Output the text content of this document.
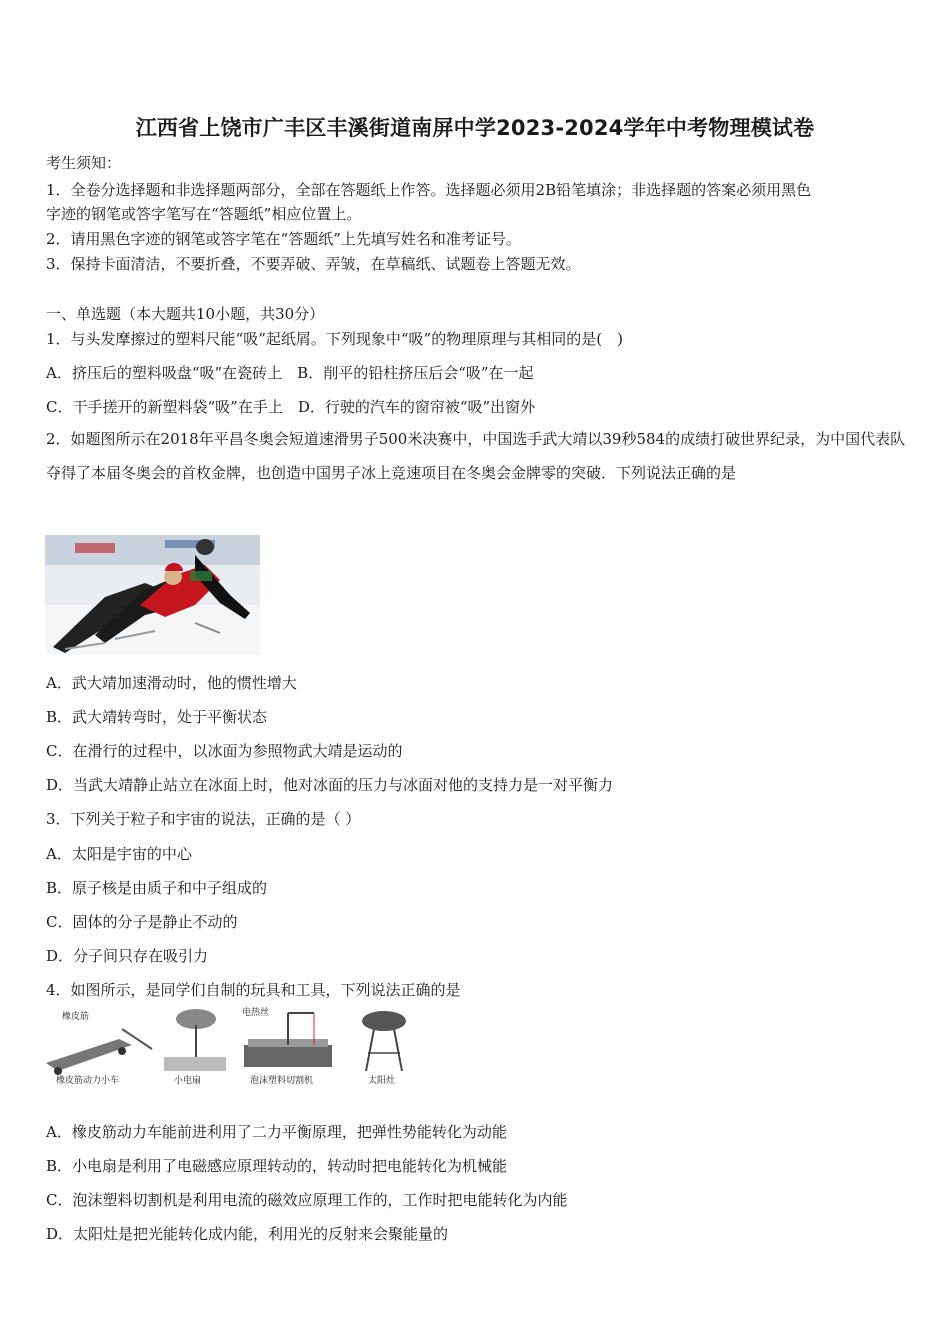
江西省上饶市广丰区丰溪街道南屏中学2023-2024学年中考物理模试卷
考生须知：
1．全卷分选择题和非选择题两部分，全部在答题纸上作答。选择题必须用2B铅笔填涂；非选择题的答案必须用黑色
字迹的钢笔或答字笔写在“答题纸”相应位置上。
2．请用黑色字迹的钢笔或答字笔在“答题纸”上先填写姓名和准考证号。
3．保持卡面清洁，不要折叠，不要弄破、弄皱，在草稿纸、试题卷上答题无效。
一、单选题（本大题共10小题，共30分）
1．与头发摩擦过的塑料尺能“吸”起纸屑。下列现象中“吸”的物理原理与其相同的是(　)
A．挤压后的塑料吸盘“吸”在瓷砖上　B．削平的铅柱挤压后会“吸”在一起
C．干手搓开的新塑料袋“吸”在手上　D．行驶的汽车的窗帘被“吸”出窗外
2．如题图所示在2018年平昌冬奥会短道速滑男子500米决赛中，中国选手武大靖以39秒584的成绩打破世界纪录，为中国代表队夺得了本届冬奥会的首枚金牌，也创造中国男子冰上竞速项目在冬奥会金牌零的突破．下列说法正确的是
A．武大靖加速滑动时，他的惯性增大
B．武大靖转弯时，处于平衡状态
C．在滑行的过程中，以冰面为参照物武大靖是运动的
D．当武大靖静止站立在冰面上时，他对冰面的压力与冰面对他的支持力是一对平衡力
3．下列关于粒子和宇宙的说法，正确的是（ ）
A．太阳是宇宙的中心
B．原子核是由质子和中子组成的
C．固体的分子是静止不动的
D．分子间只存在吸引力
4．如图所示，是同学们自制的玩具和工具，下列说法正确的是
橡皮筋
橡皮筋动力小车	小电扇
电热丝
泡沫塑料切割机	太阳灶
A．橡皮筋动力车能前进利用了二力平衡原理，把弹性势能转化为动能
B．小电扇是利用了电磁感应原理转动的，转动时把电能转化为机械能
C．泡沫塑料切割机是利用电流的磁效应原理工作的，工作时把电能转化为内能
D．太阳灶是把光能转化成内能，利用光的反射来会聚能量的
